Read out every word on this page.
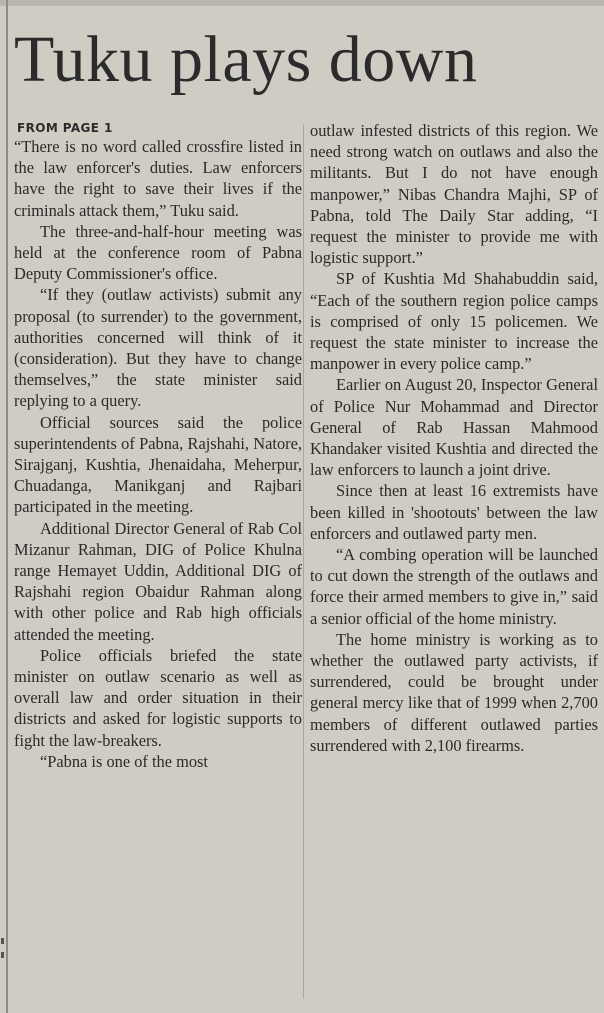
Tuku plays down
FROM PAGE 1

“There is no word called crossfire listed in the law enforcer's duties. Law enforcers have the right to save their lives if the criminals attack them,” Tuku said.

The three-and-half-hour meeting was held at the conference room of Pabna Deputy Commissioner's office.

“If they (outlaw activists) submit any proposal (to surrender) to the government, authorities concerned will think of it (consideration). But they have to change themselves,” the state minister said replying to a query.

Official sources said the police superintendents of Pabna, Rajshahi, Natore, Sirajganj, Kushtia, Jhenaidaha, Meherpur, Chuadanga, Manikganj and Rajbari participated in the meeting.

Additional Director General of Rab Col Mizanur Rahman, DIG of Police Khulna range Hemayet Uddin, Additional DIG of Rajshahi region Obaidur Rahman along with other police and Rab high officials attended the meeting.

Police officials briefed the state minister on outlaw scenario as well as overall law and order situation in their districts and asked for logistic supports to fight the law-breakers.

“Pabna is one of the most

outlaw infested districts of this region. We need strong watch on outlaws and also the militants. But I do not have enough manpower,” Nibas Chandra Majhi, SP of Pabna, told The Daily Star adding, “I request the minister to provide me with logistic support.”

SP of Kushtia Md Shahabuddin said, “Each of the southern region police camps is comprised of only 15 policemen. We request the state minister to increase the manpower in every police camp.”

Earlier on August 20, Inspector General of Police Nur Mohammad and Director General of Rab Hassan Mahmood Khandaker visited Kushtia and directed the law enforcers to launch a joint drive.

Since then at least 16 extremists have been killed in 'shootouts' between the law enforcers and outlawed party men.

“A combing operation will be launched to cut down the strength of the outlaws and force their armed members to give in,” said a senior official of the home ministry.

The home ministry is working as to whether the outlawed party activists, if surrendered, could be brought under general mercy like that of 1999 when 2,700 members of different outlawed parties surrendered with 2,100 firearms.
